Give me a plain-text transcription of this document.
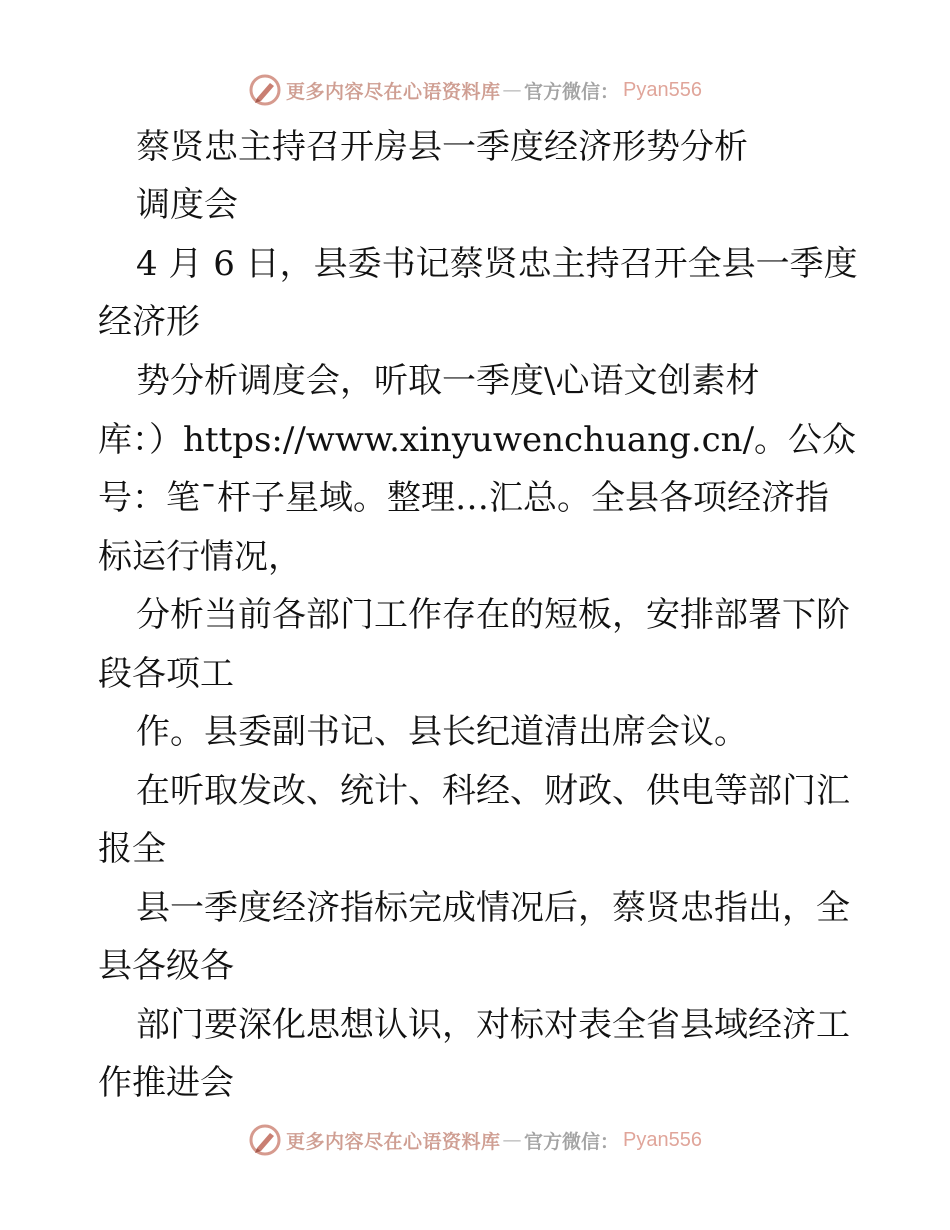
更多内容尽在心语资料库 — 官方微信： Pyan556
蔡贤忠主持召开房县一季度经济形势分析
调度会
4 月 6 日，县委书记蔡贤忠主持召开全县一季度
经济形
势分析调度会，听取一季度\心语文创素材
库：）https://www.xinyuwenchuang.cn/。公众
号：笔¯杆子星域。整理…汇总。全县各项经济指
标运行情况，
分析当前各部门工作存在的短板，安排部署下阶
段各项工
作。县委副书记、县长纪道清出席会议。
在听取发改、统计、科经、财政、供电等部门汇
报全
县一季度经济指标完成情况后，蔡贤忠指出，全
县各级各
部门要深化思想认识，对标对表全省县域经济工
作推进会
更多内容尽在心语资料库 — 官方微信： Pyan556
